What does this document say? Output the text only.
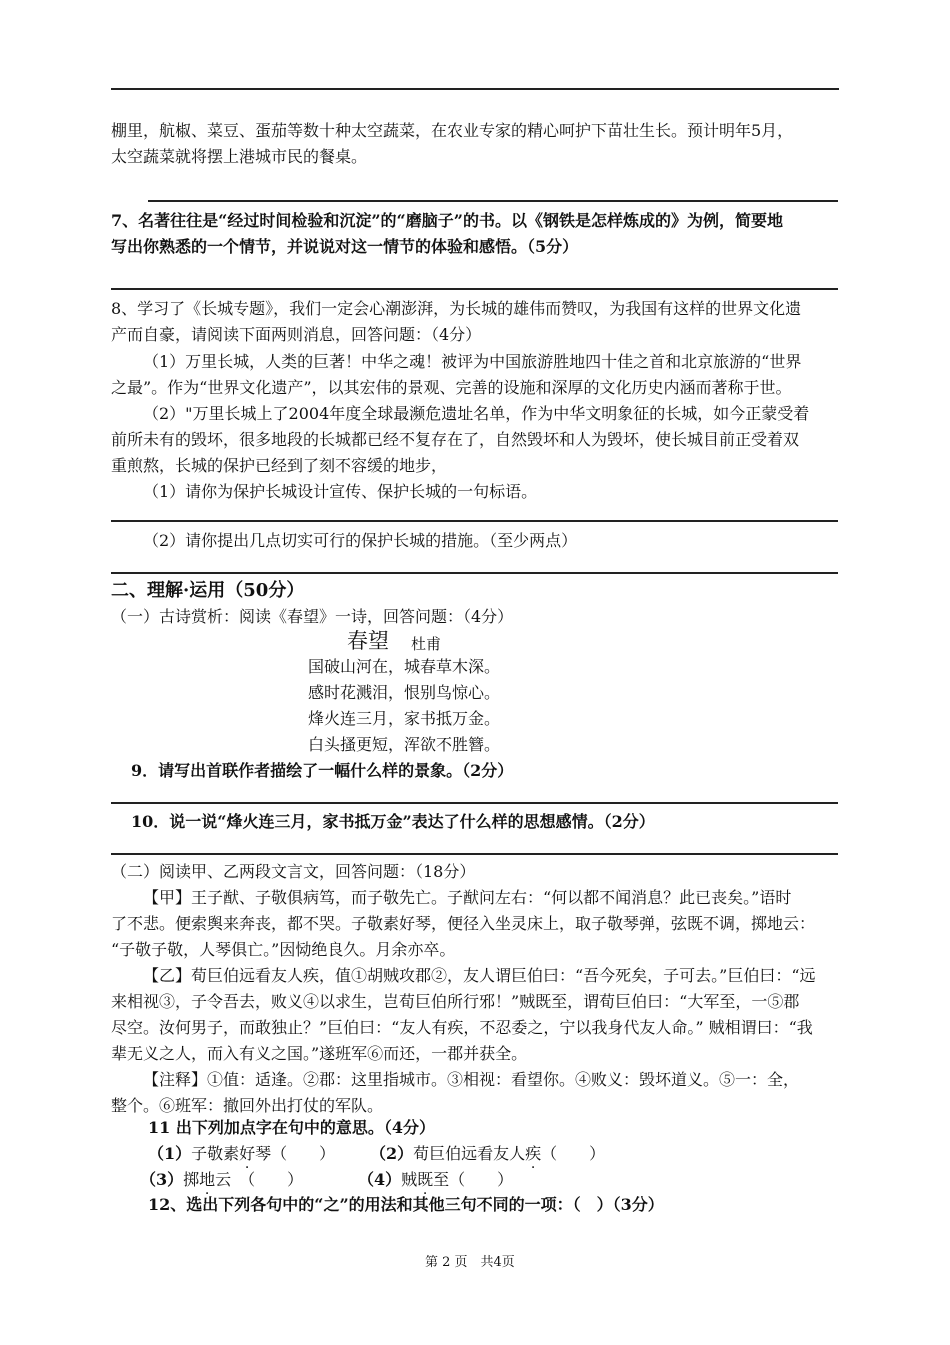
棚里，航椒、菜豆、蛋茄等数十种太空蔬菜，在农业专家的精心呵护下苗壮生长。预计明年5月，
太空蔬菜就将摆上港城市民的餐桌。
7、名著往往是“经过时间检验和沉淀”的“磨脑子”的书。以《钢铁是怎样炼成的》为例，简要地
写出你熟悉的一个情节，并说说对这一情节的体验和感悟。（5分）
8、学习了《长城专题》，我们一定会心潮澎湃，为长城的雄伟而赞叹，为我国有这样的世界文化遗
产而自豪，请阅读下面两则消息，回答问题：（4分）
（1）万里长城，人类的巨著！中华之魂！被评为中国旅游胜地四十佳之首和北京旅游的“世界
之最”。作为“世界文化遗产”，以其宏伟的景观、完善的设施和深厚的文化历史内涵而著称于世。
（2）"万里长城上了2004年度全球最濒危遗址名单，作为中华文明象征的长城，如今正蒙受着
前所未有的毁坏，很多地段的长城都已经不复存在了，自然毁坏和人为毁坏，使长城目前正受着双
重煎熬，长城的保护已经到了刻不容缓的地步，
（1）请你为保护长城设计宣传、保护长城的一句标语。
（2）请你提出几点切实可行的保护长城的措施。（至少两点）
二、理解·运用（50分）
（一）古诗赏析：阅读《春望》一诗，回答问题：（4分）
春望 杜甫
国破山河在，城春草木深。
感时花溅泪，恨别鸟惊心。
烽火连三月，家书抵万金。
白头搔更短，浑欲不胜簪。
9．请写出首联作者描绘了一幅什么样的景象。（2分）
10．说一说“烽火连三月，家书抵万金”表达了什么样的思想感情。（2分）
（二）阅读甲、乙两段文言文，回答问题：（18分）
【甲】王子猷、子敬俱病笃，而子敬先亡。子猷问左右：“何以都不闻消息？此已丧矣。”语时
了不悲。便索舆来奔丧，都不哭。子敬素好琴，便径入坐灵床上，取子敬琴弹，弦既不调，掷地云：
“子敬子敬，人琴俱亡。”因恸绝良久。月余亦卒。
【乙】荀巨伯远看友人疾，值①胡贼攻郡②，友人谓巨伯曰：“吾今死矣，子可去。”巨伯曰：“远
来相视③，子令吾去，败义④以求生，岂荀巨伯所行邪！”贼既至，谓荀巨伯曰：“大军至，一⑤郡
尽空。汝何男子，而敢独止？”巨伯曰：“友人有疾，不忍委之，宁以我身代友人命。” 贼相谓曰：“我
辈无义之人，而入有义之国。”遂班军⑥而还，一郡并获全。
【注释】①值：适逢。②郡：这里指城市。③相视：看望你。④败义：毁坏道义。⑤一：全，
整个。⑥班军：撤回外出打仗的军队。
11 出下列加点字在句中的意思。（4分）
（1）子敬素好琴（　　） （2）荀巨伯远看友人疾（　　）
（3）掷地云　（　　）	（4）贼既至（　　）
12、选出下列各句中的“之”的用法和其他三句不同的一项：（　）（3分）
第 2 页　共4页
